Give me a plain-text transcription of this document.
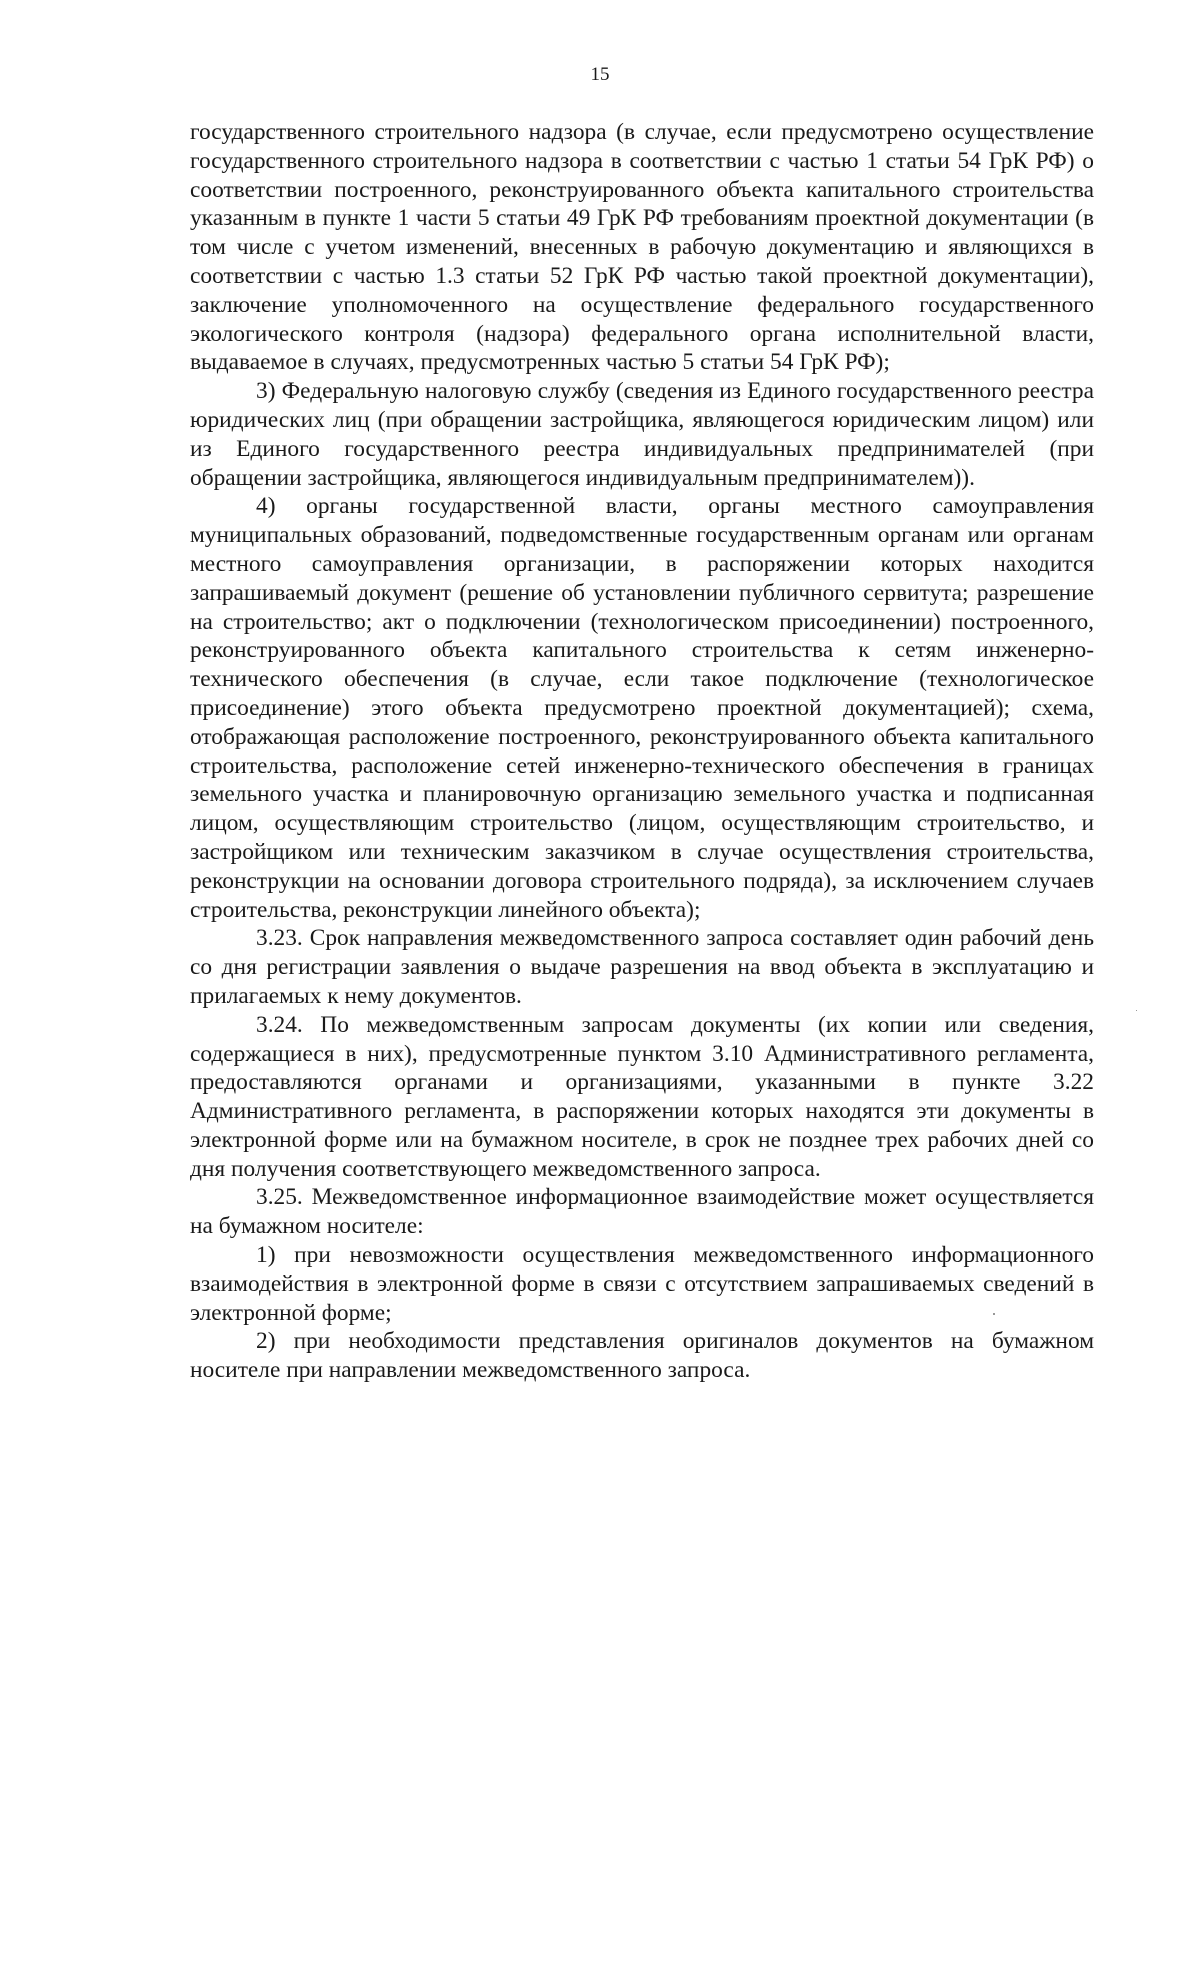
15

государственного строительного надзора (в случае, если предусмотрено осуществление государственного строительного надзора в соответствии с частью 1 статьи 54 ГрК РФ) о соответствии построенного, реконструированного объекта капитального строительства указанным в пункте 1 части 5 статьи 49 ГрК РФ требованиям проектной документации (в том числе с учетом изменений, внесенных в рабочую документацию и являющихся в соответствии с частью 1.3 статьи 52 ГрК РФ частью такой проектной документации), заключение уполномоченного на осуществление федерального государственного экологического контроля (надзора) федерального органа исполнительной власти, выдаваемое в случаях, предусмотренных частью 5 статьи 54 ГрК РФ);

3) Федеральную налоговую службу (сведения из Единого государственного реестра юридических лиц (при обращении застройщика, являющегося юридическим лицом) или из Единого государственного реестра индивидуальных предпринимателей (при обращении застройщика, являющегося индивидуальным предпринимателем)).

4) органы государственной власти, органы местного самоуправления муниципальных образований, подведомственные государственным органам или органам местного самоуправления организации, в распоряжении которых находится запрашиваемый документ (решение об установлении публичного сервитута; разрешение на строительство; акт о подключении (технологическом присоединении) построенного, реконструированного объекта капитального строительства к сетям инженерно-технического обеспечения (в случае, если такое подключение (технологическое присоединение) этого объекта предусмотрено проектной документацией); схема, отображающая расположение построенного, реконструированного объекта капитального строительства, расположение сетей инженерно-технического обеспечения в границах земельного участка и планировочную организацию земельного участка и подписанная лицом, осуществляющим строительство (лицом, осуществляющим строительство, и застройщиком или техническим заказчиком в случае осуществления строительства, реконструкции на основании договора строительного подряда), за исключением случаев строительства, реконструкции линейного объекта);

3.23. Срок направления межведомственного запроса составляет один рабочий день со дня регистрации заявления о выдаче разрешения на ввод объекта в эксплуатацию и прилагаемых к нему документов.

3.24. По межведомственным запросам документы (их копии или сведения, содержащиеся в них), предусмотренные пунктом 3.10 Административного регламента, предоставляются органами и организациями, указанными в пункте 3.22 Административного регламента, в распоряжении которых находятся эти документы в электронной форме или на бумажном носителе, в срок не позднее трех рабочих дней со дня получения соответствующего межведомственного запроса.

3.25. Межведомственное информационное взаимодействие может осуществляется на бумажном носителе:

1) при невозможности осуществления межведомственного информационного взаимодействия в электронной форме в связи с отсутствием запрашиваемых сведений в электронной форме;

2) при необходимости представления оригиналов документов на бумажном носителе при направлении межведомственного запроса.
